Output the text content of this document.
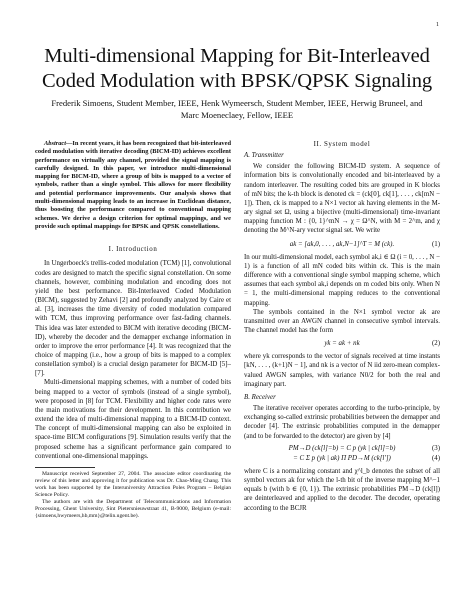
1
Multi-dimensional Mapping for Bit-Interleaved
Coded Modulation with BPSK/QPSK Signaling
Frederik Simoens, Student Member, IEEE, Henk Wymeersch, Student Member, IEEE, Herwig Bruneel, and
Marc Moeneclaey, Fellow, IEEE
Abstract—In recent years, it has been recognized that bit-interleaved coded modulation with iterative decoding (BICM-ID) achieves excellent performance on virtually any channel, provided the signal mapping is carefully designed. In this paper, we introduce multi-dimensional mapping for BICM-ID, where a group of bits is mapped to a vector of symbols, rather than a single symbol. This allows for more flexibility and potential performance improvements. Our analysis shows that multi-dimensional mapping leads to an increase in Euclidean distance, thus boosting the performance compared to conventional mapping schemes. We derive a design criterion for optimal mappings, and we provide such optimal mappings for BPSK and QPSK constellations.
I. Introduction

In Ungerboeck's trellis-coded modulation (TCM) [1], convolutional codes are designed to match the specific signal constellation. On some channels, however, combining modulation and encoding does not yield the best performance. Bit-Interleaved Coded Modulation (BICM), suggested by Zehavi [2] and profoundly analyzed by Caire et al. [3], increases the time diversity of coded modulation compared with TCM, thus improving performance over fast-fading channels. This idea was later extended to BICM with iterative decoding (BICM-ID), whereby the decoder and the demapper exchange information in order to improve the error performance [4]. It was recognized that the choice of mapping (i.e., how a group of bits is mapped to a complex constellation symbol) is a crucial design parameter for BICM-ID [5]–[7].

Multi-dimensional mapping schemes, with a number of coded bits being mapped to a vector of symbols (instead of a single symbol), were proposed in [8] for TCM. Flexibility and higher code rates were the main motivations for their development. In this contribution we extend the idea of multi-dimensional mapping to a BICM-ID context. The concept of multi-dimensional mapping can also be exploited in space-time BICM configurations [9]. Simulation results verify that the proposed scheme has a significant performance gain compared to conventional one-dimensional mappings.

Manuscript received September 27, 2004. The associate editor coordinating the review of this letter and approving it for publication was Dr. Chao-Ming Chang. This work has been supported by the Interuniversity Attraction Poles Program – Belgian Science Policy.

The authors are with the Department of Telecommunications and Information Processing, Ghent University, Sint Pietersnieuwstraat 41, B-9000, Belgium (e-mail: {simoens,hwymeers,hb,mm}@telin.ugent.be).

II. System model
A. Transmitter

We consider the following BICM-ID system. A sequence of information bits is convolutionally encoded and bit-interleaved by a random interleaver. The resulting coded bits are grouped in K blocks of mN bits; the k-th block is denoted ck = (ck[0], ck[1], . . . , ck[mN − 1]). Then, ck is mapped to a N×1 vector ak having elements in the M-ary signal set Ω, using a bijective (multi-dimensional) time-invariant mapping function M : {0, 1}^mN → χ = Ω^N, with M = 2^m, and χ denoting the M^N-ary vector signal set. We write

ak = [ak,0, . . . , ak,N−1]^T = M (ck).	(1)

In our multi-dimensional model, each symbol ak,i ∈ Ω (i = 0, . . . , N − 1) is a function of all mN coded bits within ck. This is the main difference with a conventional single symbol mapping scheme, which assumes that each symbol ak,i depends on m coded bits only. When N = 1, the multi-dimensional mapping reduces to the conventional mapping.

The symbols contained in the N×1 symbol vector ak are transmitted over an AWGN channel in consecutive symbol intervals. The channel model has the form

yk = ak + nk	(2)

where yk corresponds to the vector of signals received at time instants [kN, . . . , (k+1)N − 1], and nk is a vector of N iid zero-mean complex-valued AWGN samples, with variance N0/2 for both the real and imaginary part.

B. Receiver

The iterative receiver operates according to the turbo-principle, by exchanging so-called extrinsic probabilities between the demapper and decoder [4]. The extrinsic probabilities computed in the demapper (and to be forwarded to the detector) are given by [4]

PM→D (ck[l]=b) = C p (yk | ck[l]=b)	(3)
= C Σ p (yk | ak) Π PD→M (ck[l′])	(4)

where C is a normalizing constant and χ^l_b denotes the subset of all symbol vectors ak for which the l-th bit of the inverse mapping M^−1 equals b (with b ∈ {0, 1}). The extrinsic probabilities PM→D (ck[l]) are deinterleaved and applied to the decoder. The decoder, operating according to the BCJR
